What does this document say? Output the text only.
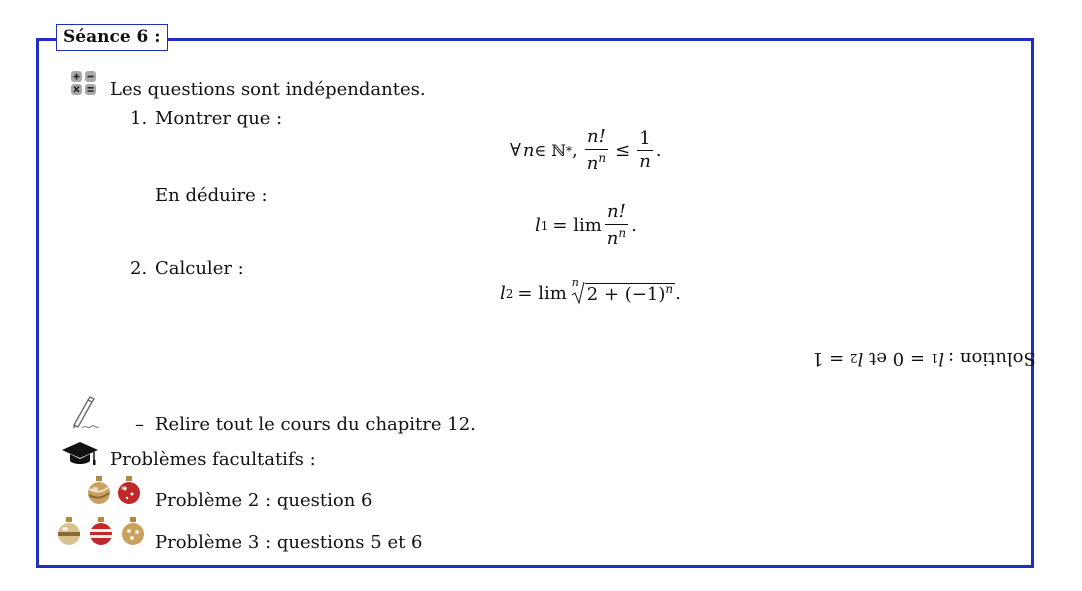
Séance 6 :
Les questions sont indépendantes.
1. Montrer que :
∀ n ∈ ℕ * , $\frac{n!}{n^n} \le \frac{1}{n}$ .
En déduire :
l $1 = \lim \frac{n!}{n^n}$ .
2. Calculer :
l 2 = lim
n
$2 + (-1)^n$ .
Solution :
l
1
= 0 et
l
2
= 1
– Relire tout le cours du chapitre 12.
Problèmes facultatifs :
Problème 2 : question 6
Problème 3 : questions 5 et 6
